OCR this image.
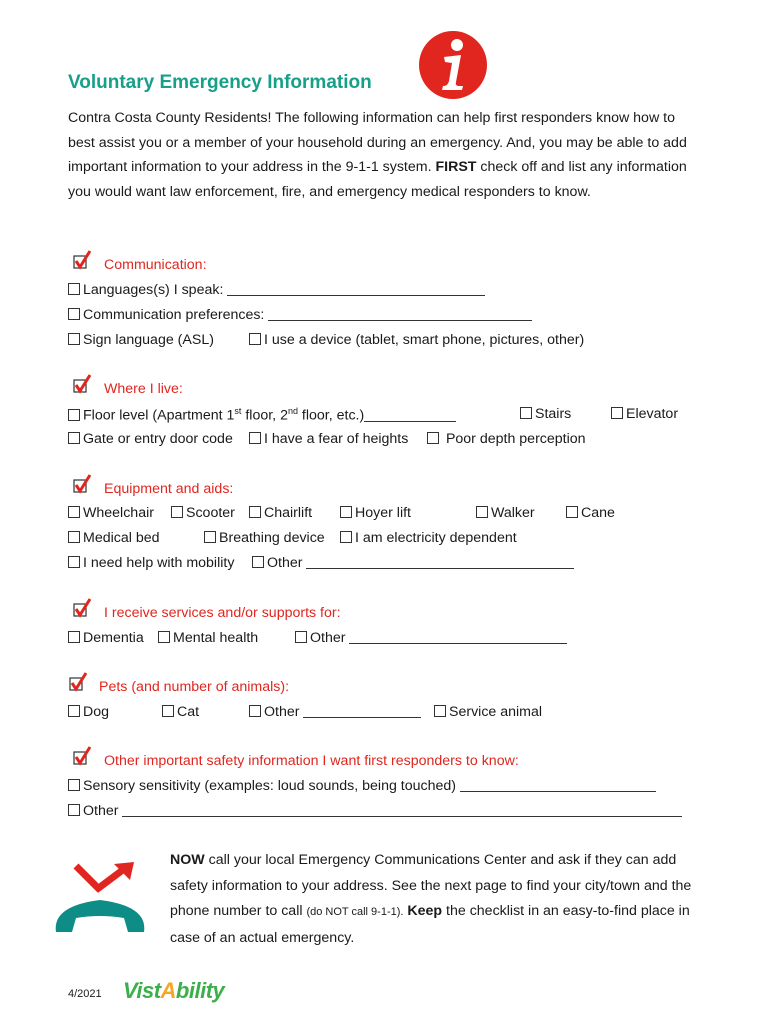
Voluntary Emergency Information
Contra Costa County Residents! The following information can help first responders know how to best assist you or a member of your household during an emergency. And, you may be able to add important information to your address in the 9-1-1 system. FIRST check off and list any information you would want law enforcement, fire, and emergency medical responders to know.
Communication:
Languages(s) I speak:
Communication preferences:
Sign language (ASL)	I use a device (tablet, smart phone, pictures, other)
Where I live:
Floor level (Apartment 1st floor, 2nd floor, etc.)	Stairs	Elevator
Gate or entry door code	I have a fear of heights	Poor depth perception
Equipment and aids:
Wheelchair	Scooter	Chairlift	Hoyer lift	Walker	Cane
Medical bed	Breathing device	I am electricity dependent
I need help with mobility	Other
I receive services and/or supports for:
Dementia	Mental health	Other
Pets (and number of animals):
Dog	Cat	Other	Service animal
Other important safety information I want first responders to know:
Sensory sensitivity (examples: loud sounds, being touched)
Other
NOW call your local Emergency Communications Center and ask if they can add safety information to your address. See the next page to find your city/town and the phone number to call (do NOT call 9-1-1). Keep the checklist in an easy-to-find place in case of an actual emergency.
4/2021 VistAbility
